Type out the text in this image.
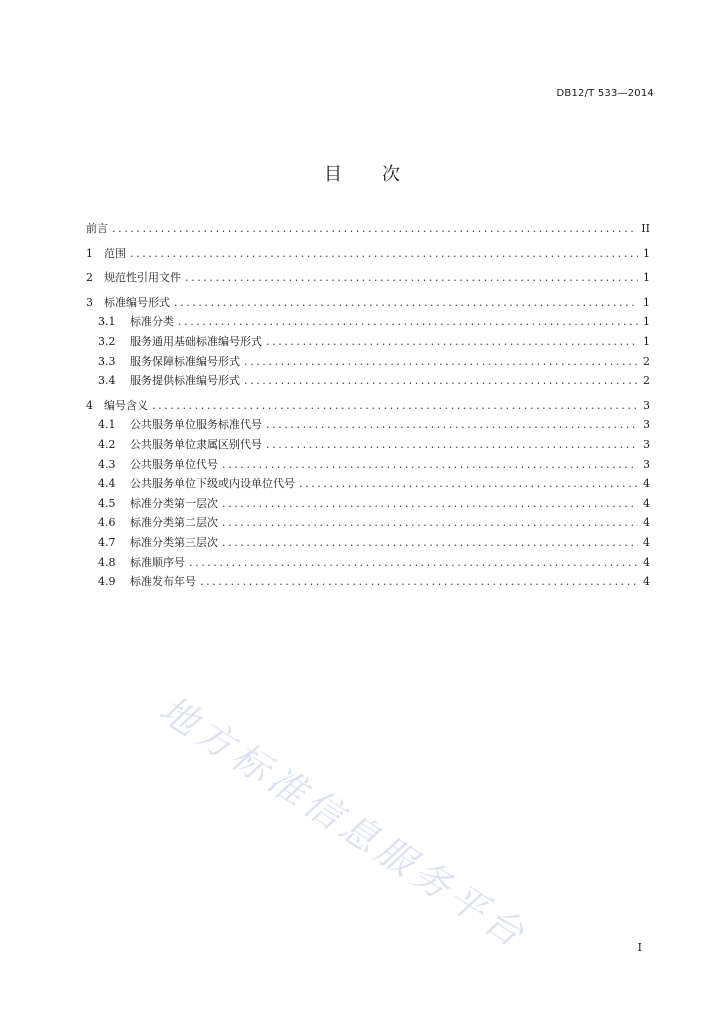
DB12/T 533—2014
目 次
前言 .....	II
1	范围 .....	1
2	规范性引用文件 .....	1
3	标准编号形式 .....	1
3.1	标准分类 .....	1
3.2	服务通用基础标准编号形式 .....	1
3.3	服务保障标准编号形式 .....	2
3.4	服务提供标准编号形式 .....	2
4	编号含义 .....	3
4.1	公共服务单位服务标准代号 .....	3
4.2	公共服务单位隶属区别代号 .....	3
4.3	公共服务单位代号 .....	3
4.4	公共服务单位下级或内设单位代号 .....	4
4.5	标准分类第一层次 .....	4
4.6	标准分类第二层次 .....	4
4.7	标准分类第三层次 .....	4
4.8	标准顺序号 .....	4
4.9	标准发布年号 .....	4
地方标准信息服务平台	I
